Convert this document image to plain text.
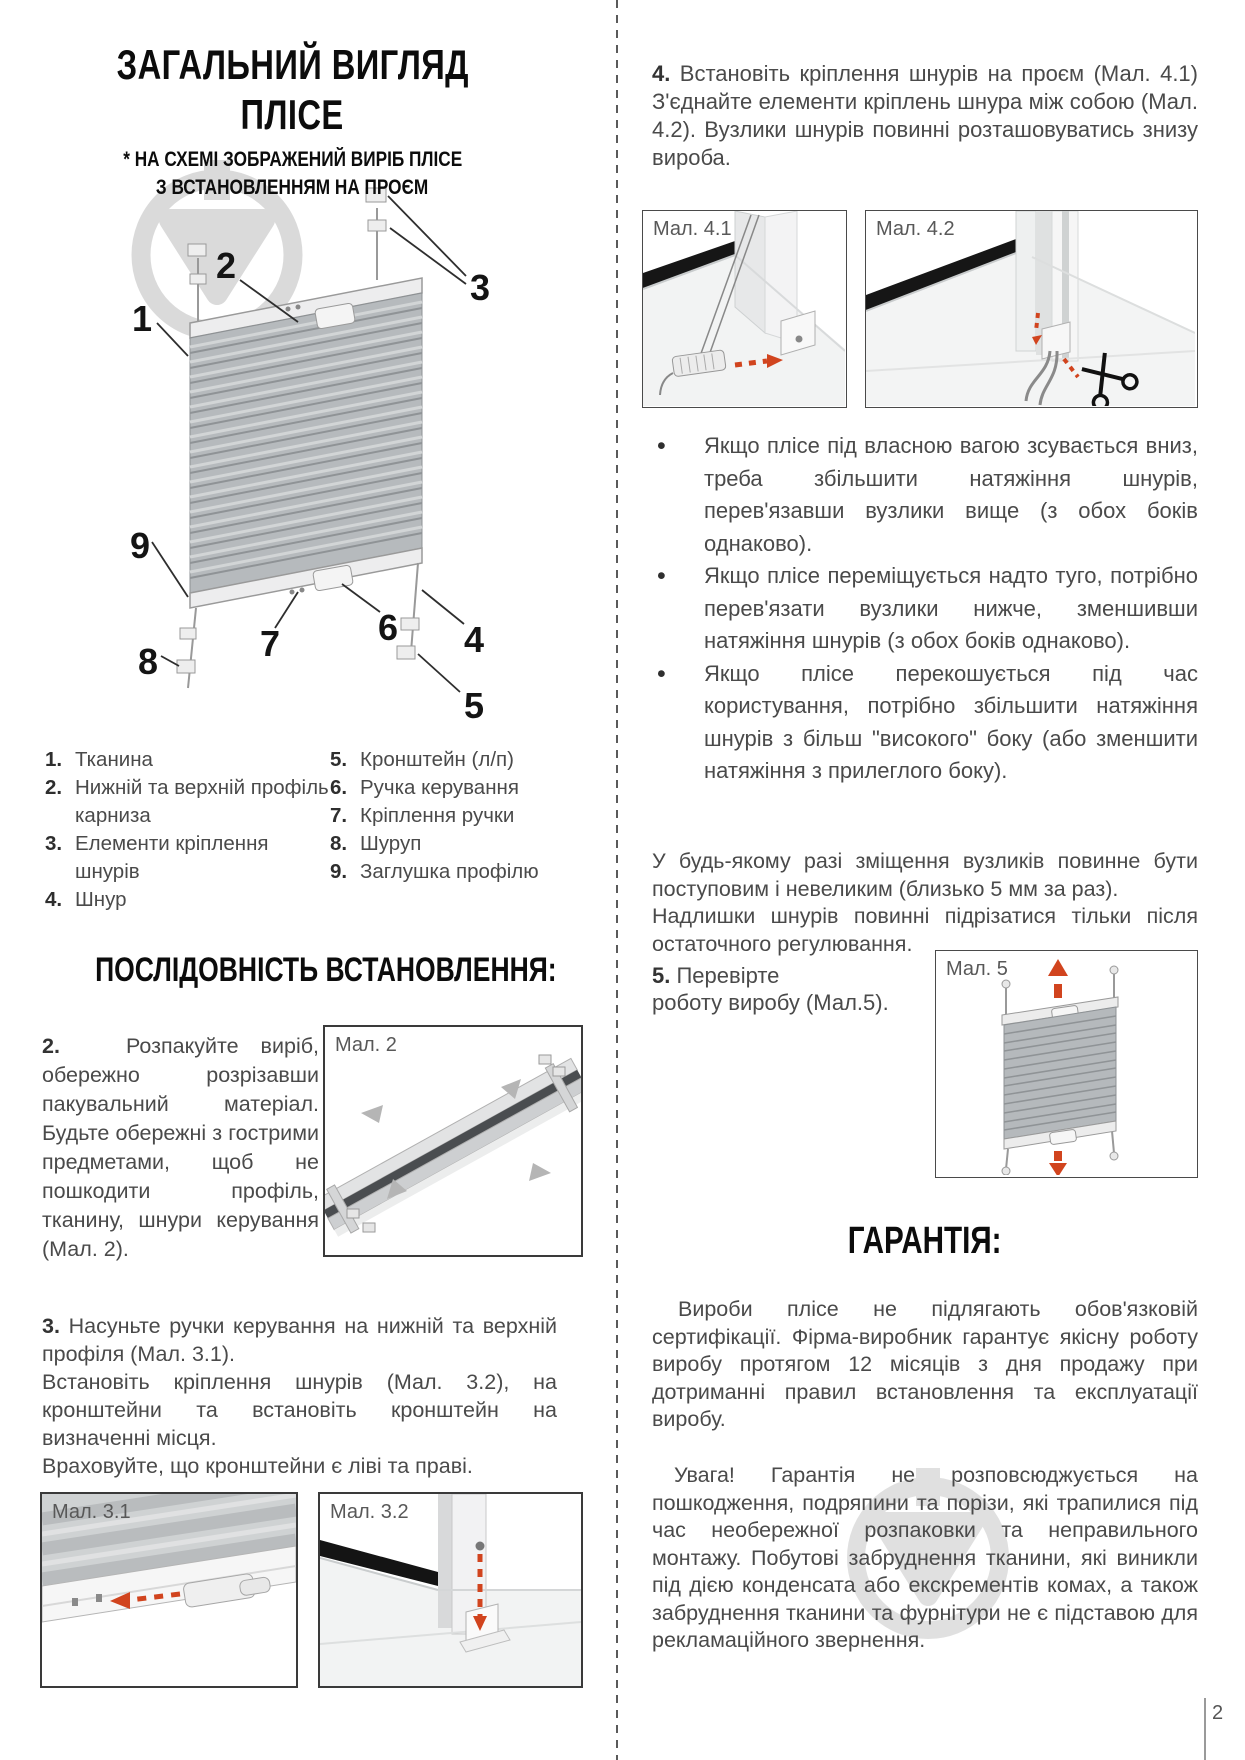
ЗАГАЛЬНИЙ ВИГЛЯД
ПЛІСЕ
* НА СХЕМІ ЗОБРАЖЕНИЙ ВИРІБ ПЛІСЕ
З ВСТАНОВЛЕННЯМ НА ПРОЄМ
1
2
3
4
5
6
7
8
9
1. Тканина
2. Нижній та верхній профіль карниза
3. Елементи кріплення шнурів
4. Шнур
5. Кронштейн (л/п)
6. Ручка керування
7. Кріплення ручки
8. Шуруп
9. Заглушка профілю
ПОСЛІДОВНІСТЬ ВСТАНОВЛЕННЯ:
2.	Розпакуйте виріб, обережно розрізавши пакувальний матеріал. Будьте обережні з гострими предметами, щоб не пошкодити профіль, тканину, шнури керування (Мал. 2).
Мал. 2
3. Насуньте ручки керування на нижній та верхній профіля (Мал. 3.1).
Встановіть кріплення шнурів (Мал. 3.2), на кронштейни та встановіть кронштейн на визначенні місця.
Враховуйте, що кронштейни є ліві та праві.
Мал. 3.1	Мал. 3.2
4. Встановіть кріплення шнурів на проєм (Мал. 4.1) З'єднайте елементи кріплень шнура між собою (Мал. 4.2). Вузлики шнурів повинні розташовуватись знизу вироба.
Мал. 4.1	Мал. 4.2
• Якщо плісе під власною вагою зсувається вниз, треба збільшити натяжіння шнурів, перев'язавши вузлики вище (з обох боків однаково).
• Якщо плісе переміщується надто туго, потрібно перев'язати вузлики нижче, зменшивши натяжіння шнурів (з обох боків однаково).
• Якщо плісе перекошується під час користування, потрібно збільшити натяжіння шнурів з більш "високого" боку (або зменшити натяжіння з прилеглого боку).
У будь-якому разі зміщення вузликів повинне бути поступовим і невеликим (близько 5 мм за раз).
Надлишки шнурів повинні підрізатися тільки після остаточного регулювання.
5. Перевірте
роботу виробу (Мал.5).
Мал. 5
ГАРАНТІЯ:
Вироби плісе не підлягають обов'язковій сертифікації. Фірма-виробник гарантує якісну роботу виробу протягом 12 місяців з дня продажу при дотриманні правил встановлення та експлуатації виробу.
Увага! Гарантія не розповсюджується на пошкодження, подряпини та порізи, які трапилися під час необережної розпаковки та неправильного монтажу. Побутові забруднення тканини, які виникли під дією конденсата або екскрементів комах, а також забруднення тканини та фурнітури не є підставою для рекламаційного звернення.
2
